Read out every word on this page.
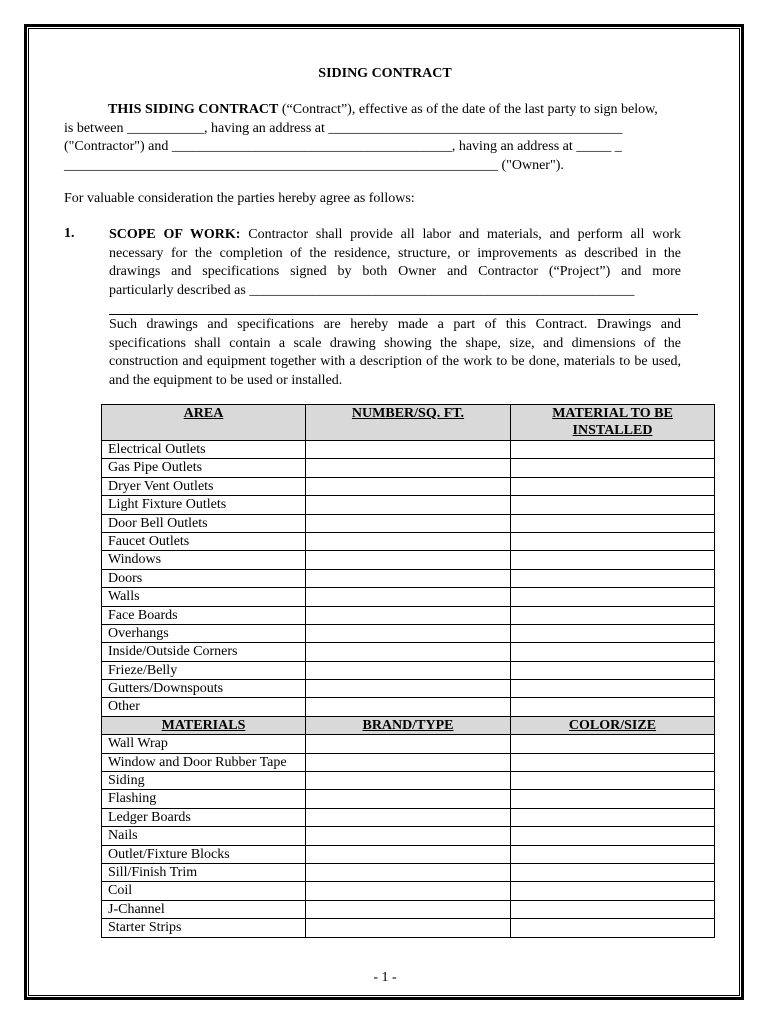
SIDING CONTRACT
THIS SIDING CONTRACT (“Contract”), effective as of the date of the last party to sign below,
is between ___________, having an address at __________________________________________
("Contractor") and ________________________________________, having an address at _____ _
______________________________________________________________ ("Owner").
For valuable consideration the parties hereby agree as follows:
1. SCOPE OF WORK: Contractor shall provide all labor and materials, and perform all work
necessary for the completion of the residence, structure, or improvements as described in the
drawings and specifications signed by both Owner and Contractor (“Project”) and more
particularly described as _______________________________________________________
Such drawings and specifications are hereby made a part of this Contract. Drawings and specifications shall contain a scale drawing showing the shape, size, and dimensions of the construction and equipment together with a description of the work to be done, materials to be used, and the equipment to be used or installed.
AREA	NUMBER/SQ. FT.	MATERIAL TO BE INSTALLED
Electrical Outlets		
Gas Pipe Outlets		
Dryer Vent Outlets		
Light Fixture Outlets		
Door Bell Outlets		
Faucet Outlets		
Windows		
Doors		
Walls		
Face Boards		
Overhangs		
Inside/Outside Corners		
Frieze/Belly		
Gutters/Downspouts		
Other		
MATERIALS	BRAND/TYPE	COLOR/SIZE
Wall Wrap		
Window and Door Rubber Tape		
Siding		
Flashing		
Ledger Boards		
Nails		
Outlet/Fixture Blocks		
Sill/Finish Trim		
Coil		
J-Channel		
Starter Strips		
- 1 -
